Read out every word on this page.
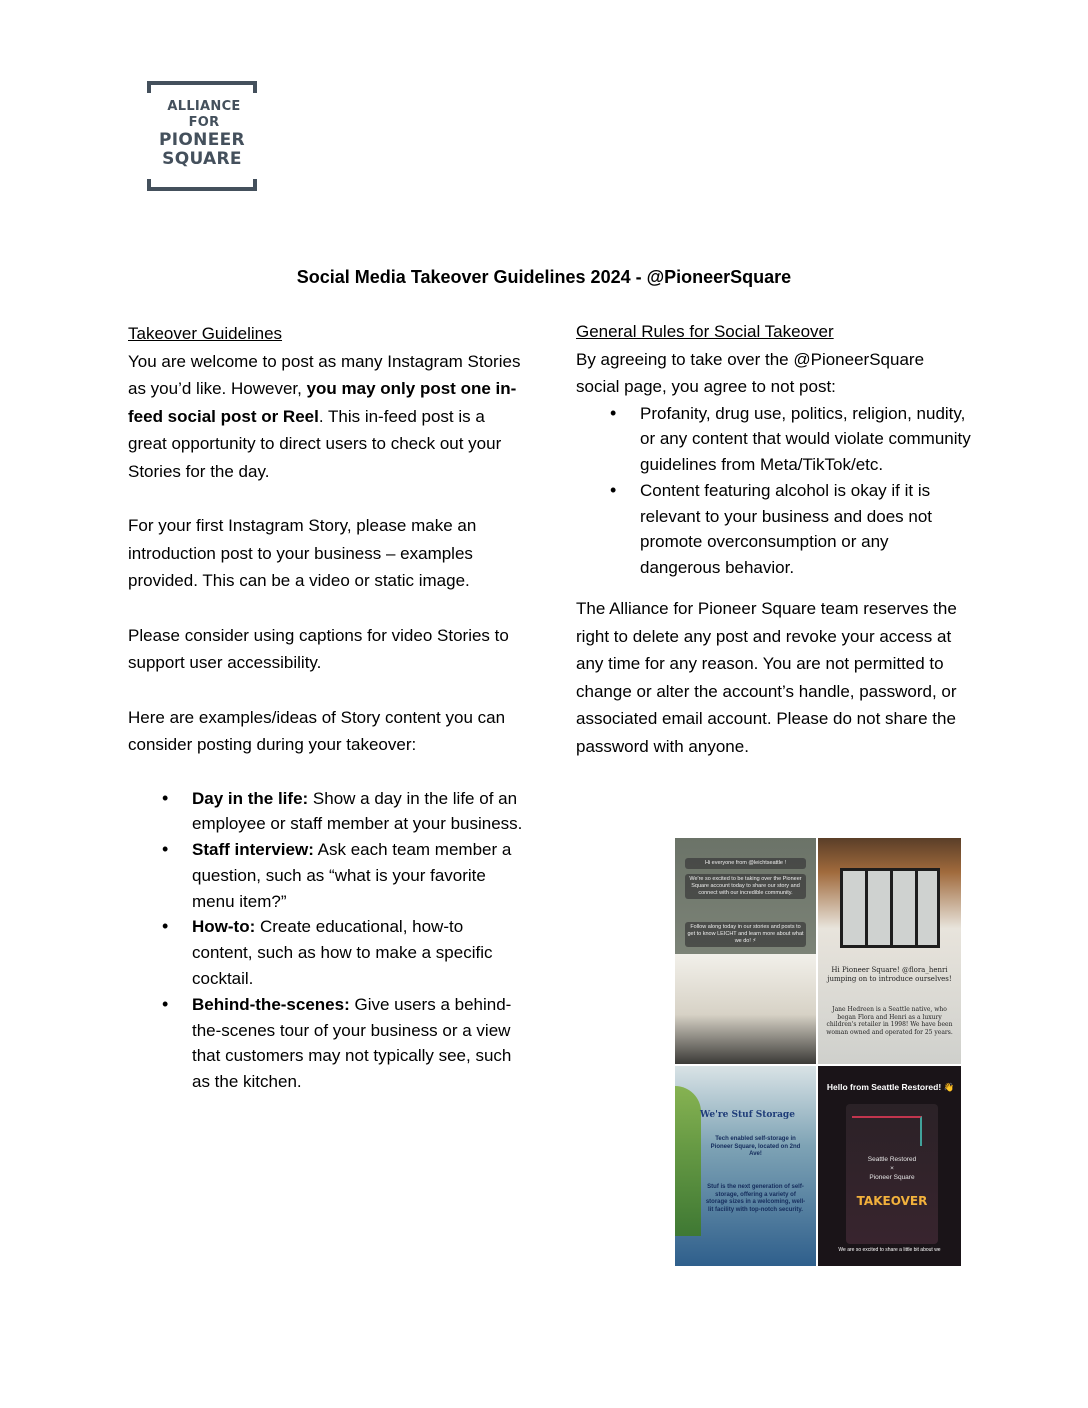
ALLIANCE
FOR
PIONEER
SQUARE
Social Media Takeover Guidelines 2024 - @PioneerSquare

Takeover Guidelines

You are welcome to post as many Instagram Stories as you’d like. However, you may only post one in-feed social post or Reel. This in-feed post is a great opportunity to direct users to check out your Stories for the day.

For your first Instagram Story, please make an introduction post to your business – examples provided. This can be a video or static image.

Please consider using captions for video Stories to support user accessibility.

Here are examples/ideas of Story content you can consider posting during your takeover:

• Day in the life: Show a day in the life of an employee or staff member at your business.
• Staff interview: Ask each team member a question, such as “what is your favorite menu item?”
• How-to: Create educational, how-to content, such as how to make a specific cocktail.
• Behind-the-scenes: Give users a behind-the-scenes tour of your business or a view that customers may not typically see, such as the kitchen.

General Rules for Social Takeover

By agreeing to take over the @PioneerSquare social page, you agree to not post:

• Profanity, drug use, politics, religion, nudity, or any content that would violate community guidelines from Meta/TikTok/etc.
• Content featuring alcohol is okay if it is relevant to your business and does not promote overconsumption or any dangerous behavior.

The Alliance for Pioneer Square team reserves the right to delete any post and revoke your access at any time for any reason. You are not permitted to change or alter the account’s handle, password, or associated email account. Please do not share the password with anyone.

Hi everyone from @leichtseattle !
We're so excited to be taking over the Pioneer Square account today to share our story and connect with our incredible community.
Follow along today in our stories and posts to get to know LEICHT and learn more about what we do! ⚡
Hi Pioneer Square! @flora_henri jumping on to introduce ourselves!
Jane Hedreen is a Seattle native, who began Flora and Henri as a luxury children's retailer in 1998! We have been woman owned and operated for 25 years.
We're Stuf Storage
Tech enabled self-storage in Pioneer Square, located on 2nd Ave!
Stuf is the next generation of self-storage, offering a variety of storage sizes in a welcoming, well-lit facility with top-notch security.
Hello from Seattle Restored! 👋
Seattle Restored
×
Pioneer Square
TAKEOVER
We are so excited to share a little bit about we
